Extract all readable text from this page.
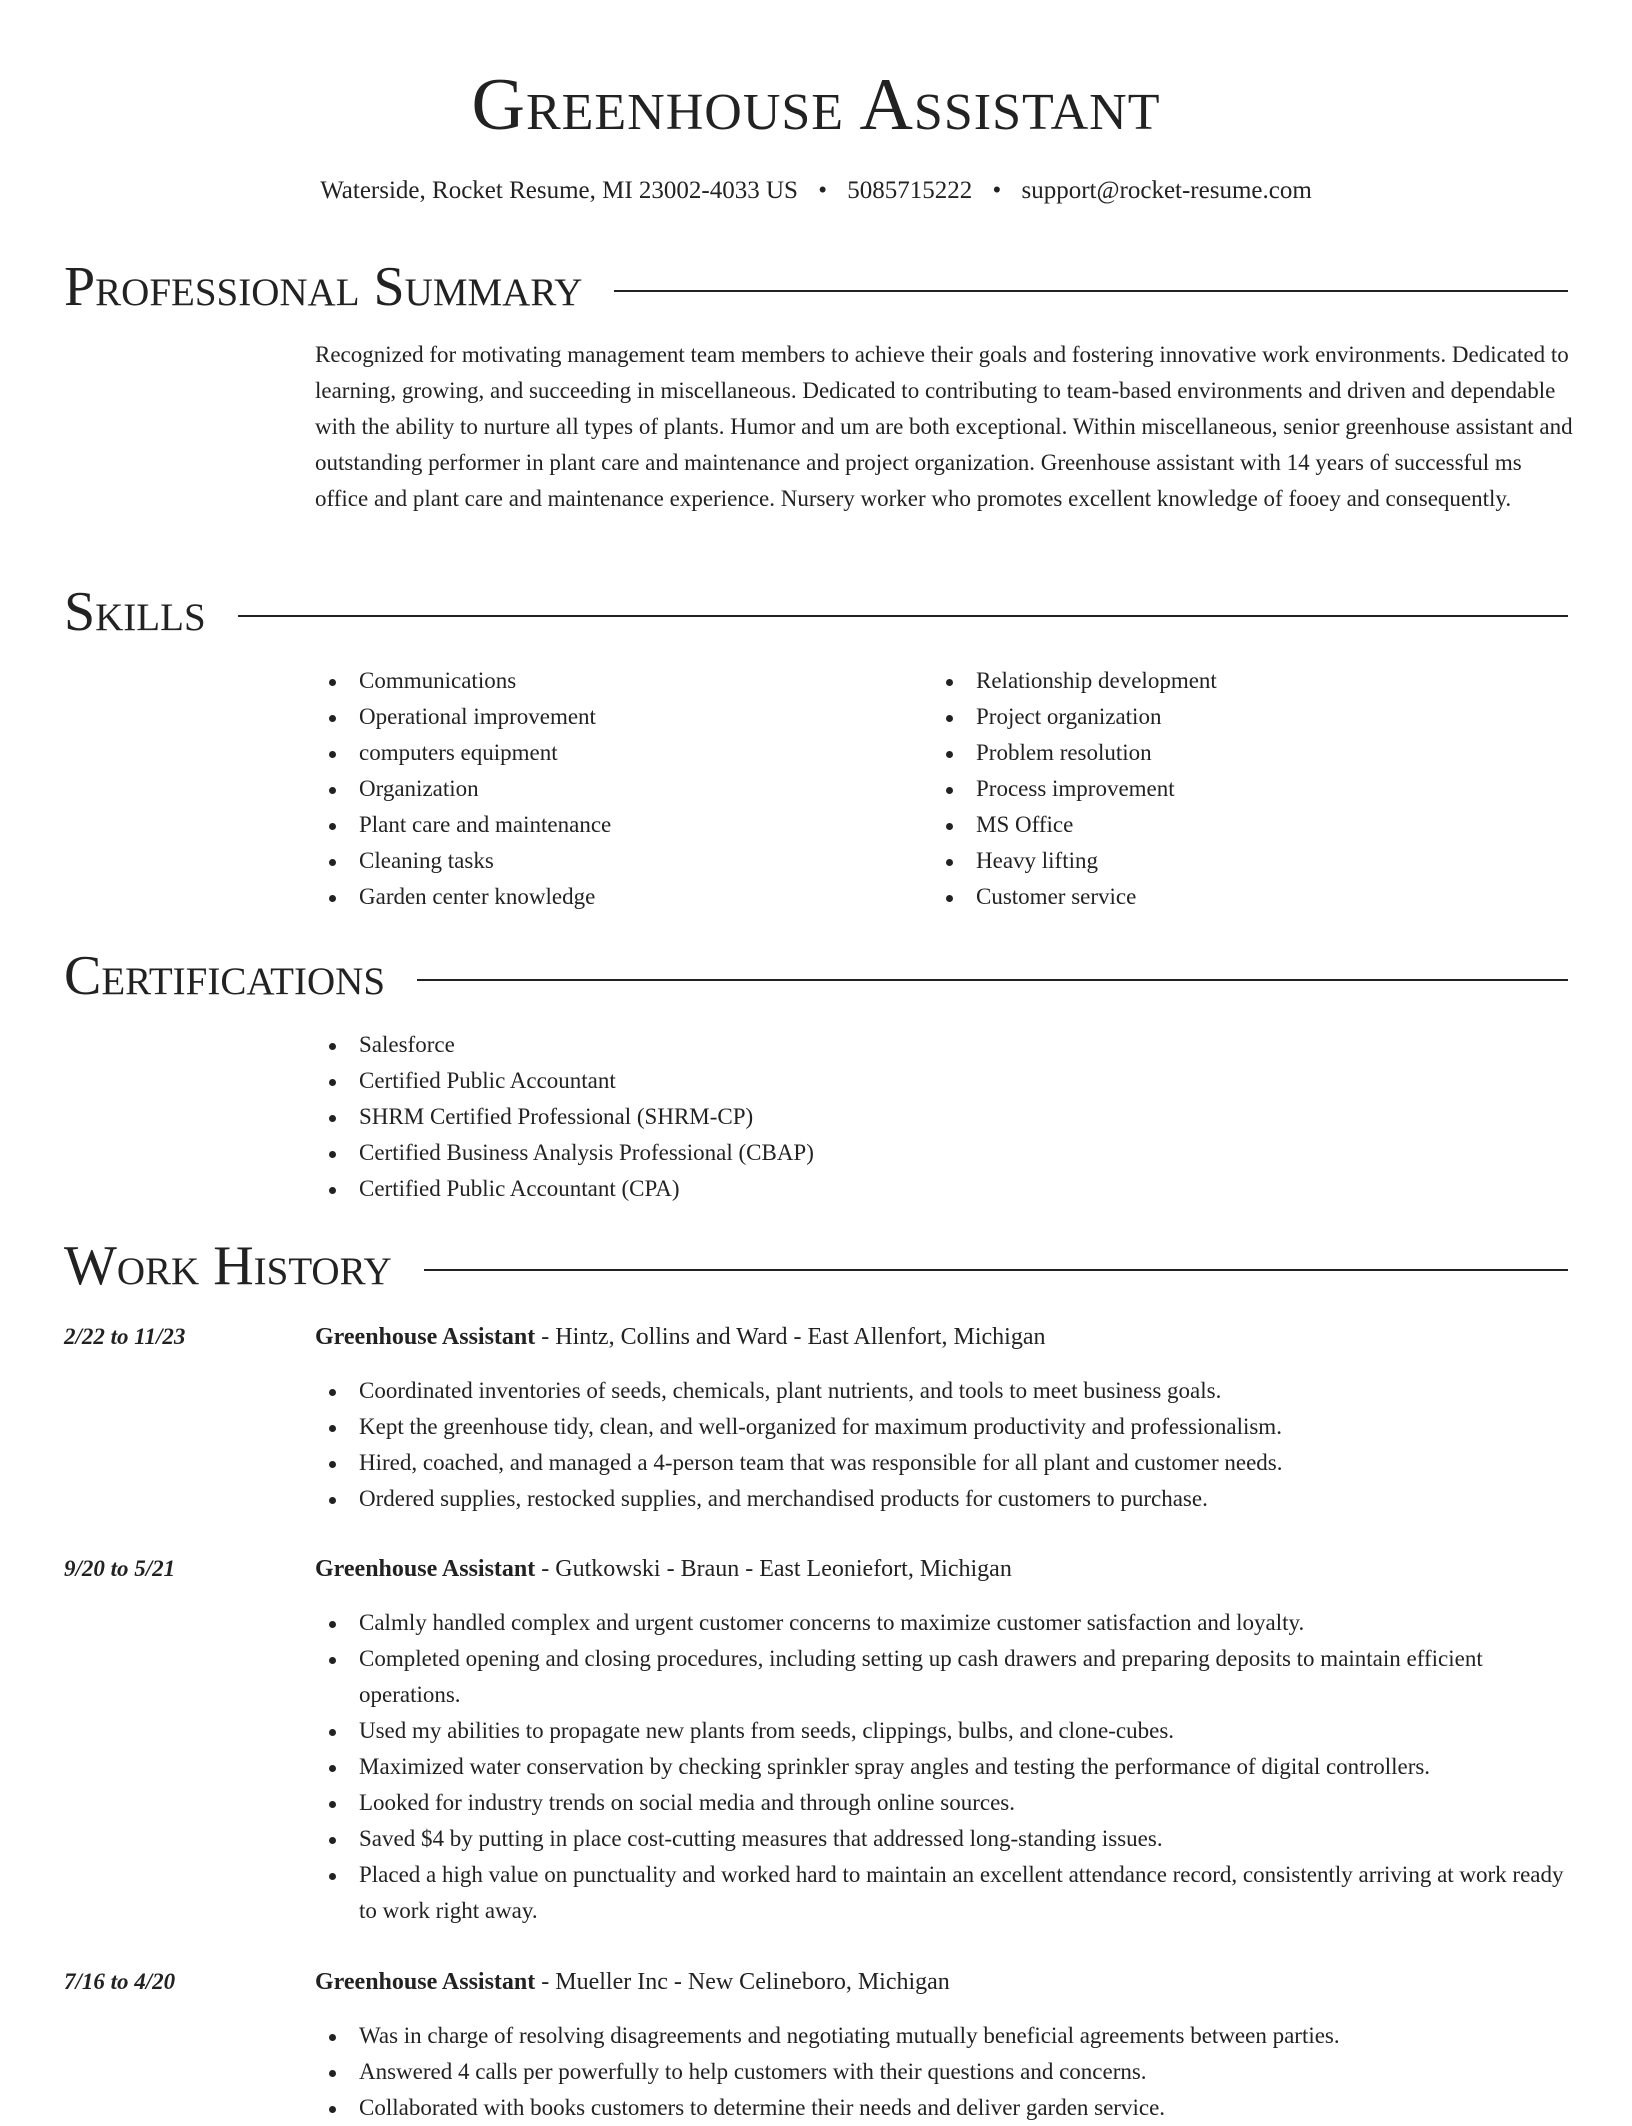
Greenhouse Assistant
Waterside, Rocket Resume, MI 23002-4033 US • 5085715222 • support@rocket-resume.com
Professional Summary

Recognized for motivating management team members to achieve their goals and fostering innovative work environments. Dedicated to learning, growing, and succeeding in miscellaneous. Dedicated to contributing to team-based environments and driven and dependable with the ability to nurture all types of plants. Humor and um are both exceptional. Within miscellaneous, senior greenhouse assistant and outstanding performer in plant care and maintenance and project organization. Greenhouse assistant with 14 years of successful ms office and plant care and maintenance experience. Nursery worker who promotes excellent knowledge of fooey and consequently.

Skills
Communications
Operational improvement
computers equipment
Organization
Plant care and maintenance
Cleaning tasks
Garden center knowledge
Relationship development
Project organization
Problem resolution
Process improvement
MS Office
Heavy lifting
Customer service
Certifications
Salesforce
Certified Public Accountant
SHRM Certified Professional (SHRM-CP)
Certified Business Analysis Professional (CBAP)
Certified Public Accountant (CPA)
Work History
2/22 to 11/23	Greenhouse Assistant - Hintz, Collins and Ward - East Allenfort, Michigan
Coordinated inventories of seeds, chemicals, plant nutrients, and tools to meet business goals.
Kept the greenhouse tidy, clean, and well-organized for maximum productivity and professionalism.
Hired, coached, and managed a 4-person team that was responsible for all plant and customer needs.
Ordered supplies, restocked supplies, and merchandised products for customers to purchase.
9/20 to 5/21	Greenhouse Assistant - Gutkowski - Braun - East Leoniefort, Michigan
Calmly handled complex and urgent customer concerns to maximize customer satisfaction and loyalty.
Completed opening and closing procedures, including setting up cash drawers and preparing deposits to maintain efficient operations.
Used my abilities to propagate new plants from seeds, clippings, bulbs, and clone-cubes.
Maximized water conservation by checking sprinkler spray angles and testing the performance of digital controllers.
Looked for industry trends on social media and through online sources.
Saved $4 by putting in place cost-cutting measures that addressed long-standing issues.
Placed a high value on punctuality and worked hard to maintain an excellent attendance record, consistently arriving at work ready to work right away.
7/16 to 4/20	Greenhouse Assistant - Mueller Inc - New Celineboro, Michigan
Was in charge of resolving disagreements and negotiating mutually beneficial agreements between parties.
Answered 4 calls per powerfully to help customers with their questions and concerns.
Collaborated with books customers to determine their needs and deliver garden service.
